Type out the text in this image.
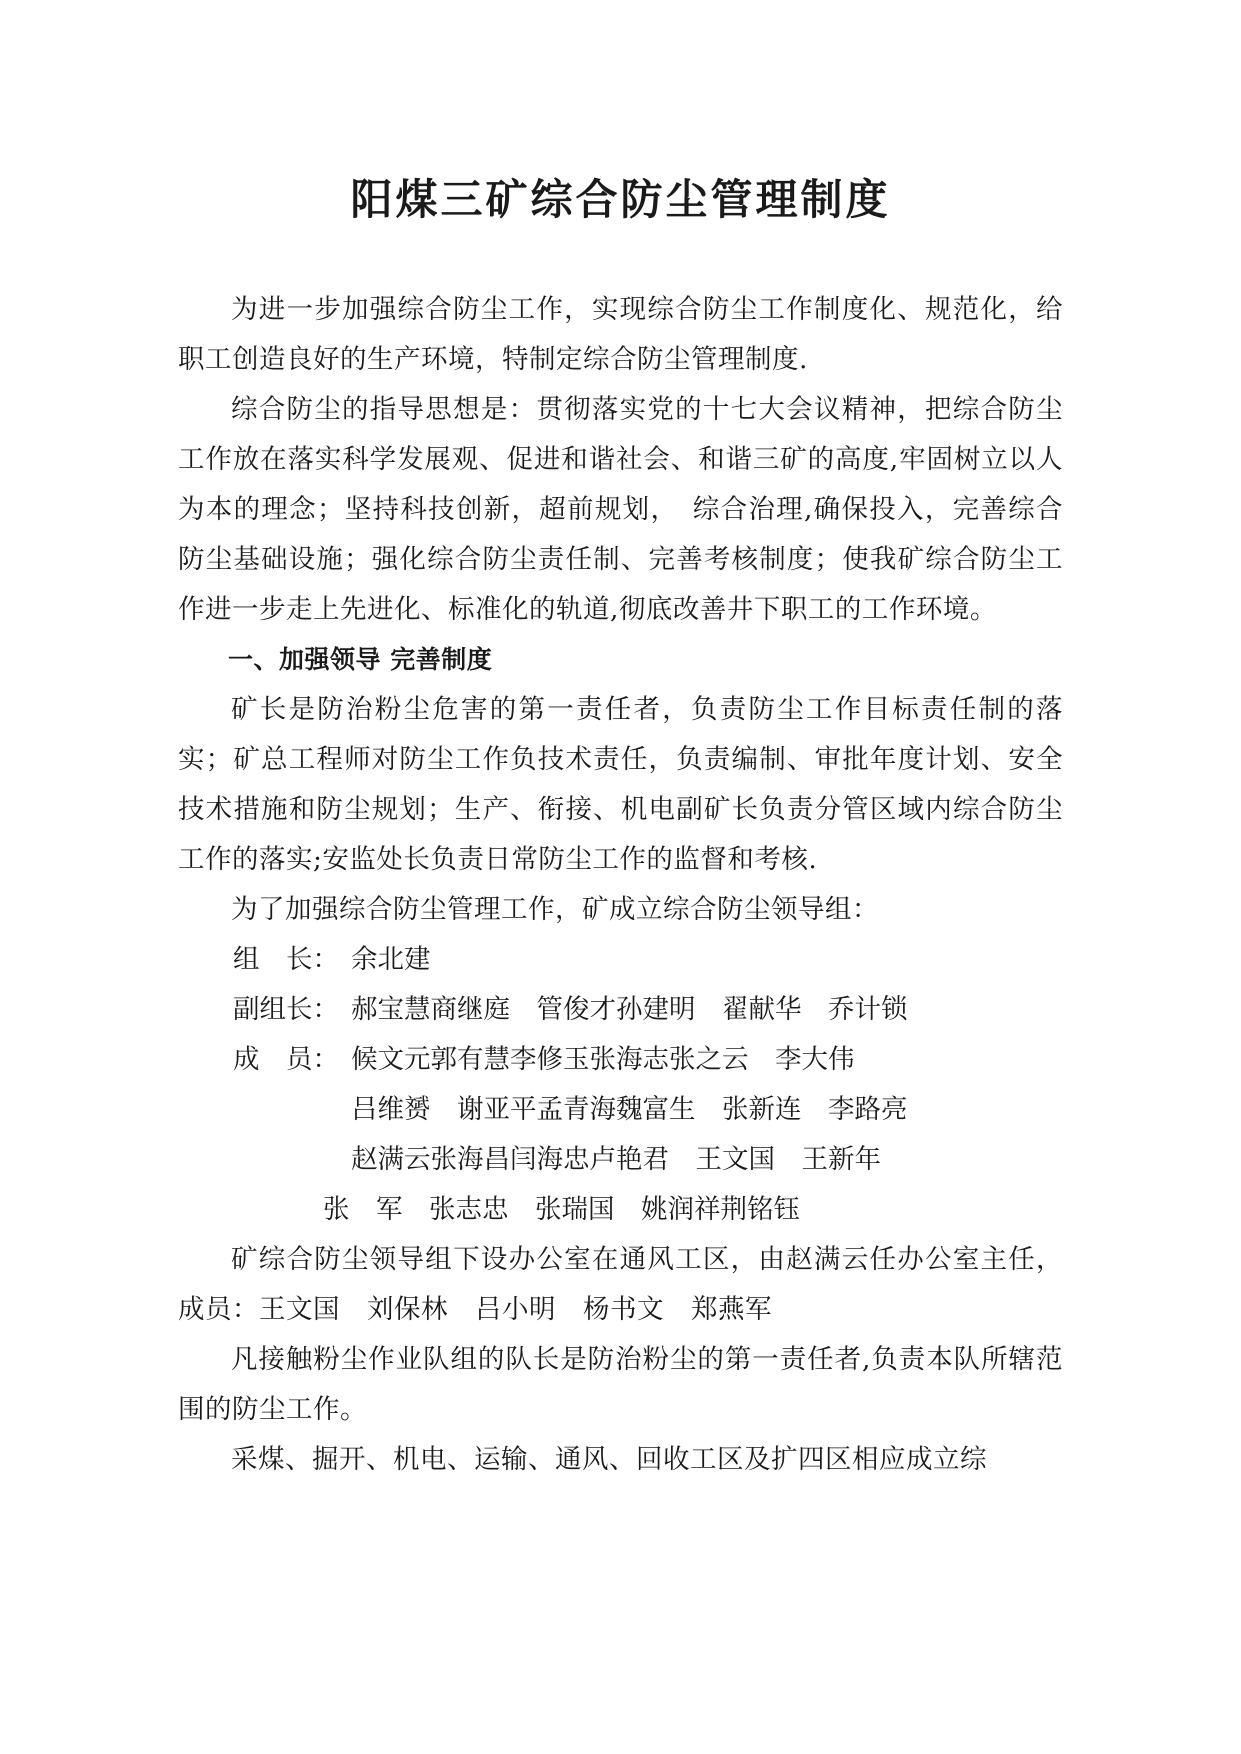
阳煤三矿综合防尘管理制度

为进一步加强综合防尘工作，实现综合防尘工作制度化、规范化，给职工创造良好的生产环境，特制定综合防尘管理制度.

综合防尘的指导思想是：贯彻落实党的十七大会议精神，把综合防尘工作放在落实科学发展观、促进和谐社会、和谐三矿的高度,牢固树立以人为本的理念；坚持科技创新，超前规划，　综合治理,确保投入，完善综合防尘基础设施；强化综合防尘责任制、完善考核制度；使我矿综合防尘工作进一步走上先进化、标准化的轨道,彻底改善井下职工的工作环境。

一、加强领导 完善制度

矿长是防治粉尘危害的第一责任者，负责防尘工作目标责任制的落实；矿总工程师对防尘工作负技术责任，负责编制、审批年度计划、安全技术措施和防尘规划；生产、衔接、机电副矿长负责分管区域内综合防尘工作的落实;安监处长负责日常防尘工作的监督和考核.

为了加强综合防尘管理工作，矿成立综合防尘领导组：

组　长： 余北建
副组长： 郝宝慧商继庭　管俊才孙建明　翟献华　乔计锁
成　员： 候文元郭有慧李修玉张海志张之云　李大伟
吕维赟　谢亚平孟青海魏富生　张新连　李路亮
赵满云张海昌闫海忠卢艳君　王文国　王新年
张　军　张志忠　张瑞国　姚润祥荆铭钰

矿综合防尘领导组下设办公室在通风工区，由赵满云任办公室主任，成员：王文国　刘保林　吕小明　杨书文　郑燕军

凡接触粉尘作业队组的队长是防治粉尘的第一责任者,负责本队所辖范围的防尘工作。

采煤、掘开、机电、运输、通风、回收工区及扩四区相应成立综
